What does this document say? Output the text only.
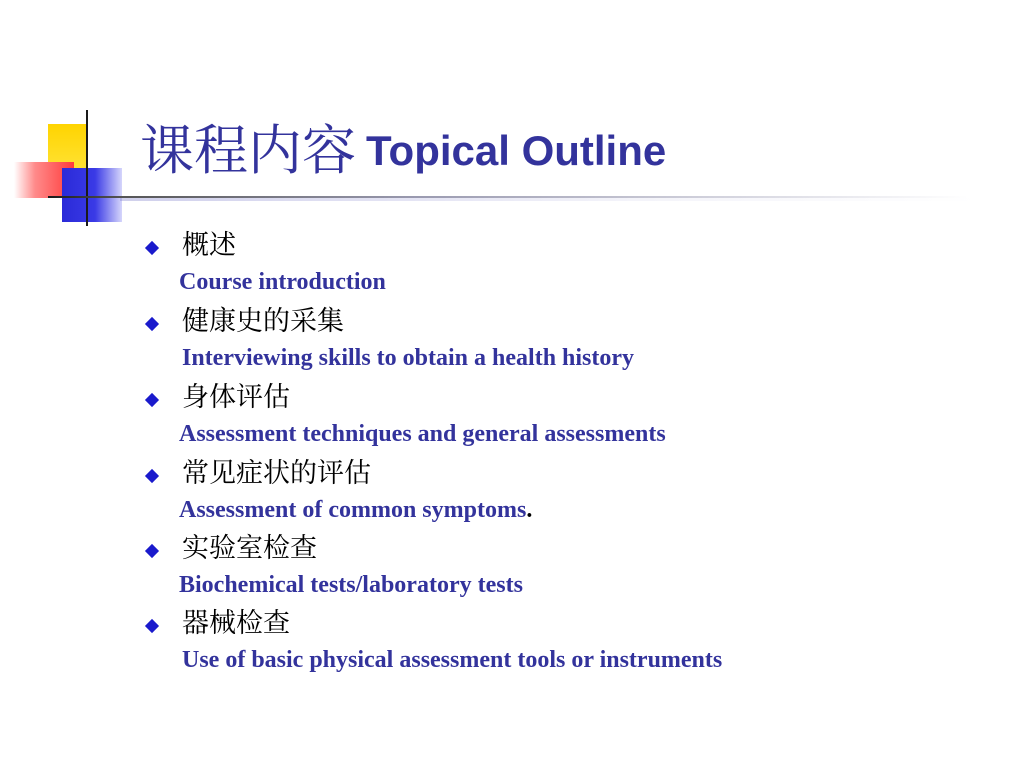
课程内容 Topical Outline
概述
Course introduction
健康史的采集
Interviewing skills to obtain a health history
身体评估
Assessment techniques and general assessments
常见症状的评估
Assessment of common symptoms.
实验室检查
Biochemical tests/laboratory tests
器械检查
Use of basic physical assessment tools or instruments
